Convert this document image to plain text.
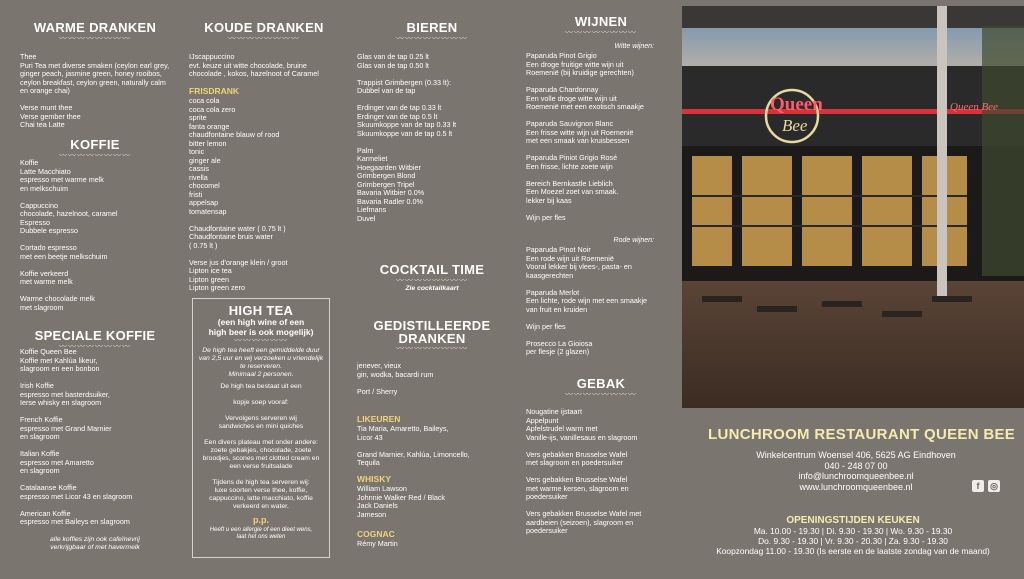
WARME DRANKEN
〰〰〰〰〰〰〰〰
Thee
Puri Tea met diverse smaken (ceylon earl grey, ginger peach, jasmine green, honey rooibos, ceylon breakfast, ceylon green, naturally calm en orange chai)

Verse munt thee
Verse gember thee
Chai tea Latte
KOFFIE
〰〰〰〰〰〰〰〰
Koffie
Latte Macchiato
espresso met warme melk
en melkschuim

Cappuccino
chocolade, hazelnoot, caramel
Espresso
Dubbele espresso

Cortado espresso
met een beetje melkschuim

Koffie verkeerd
met warme melk

Warme chocolade melk
met slagroom
SPECIALE KOFFIE
〰〰〰〰〰〰〰〰
Koffie Queen Bee
Koffie met Kahlúa likeur,
slagroom en een bonbon

Irish Koffie
espresso met basterdsuiker,
Ierse whisky en slagroom

French Koffie
espresso met Grand Marnier
en slagroom

Italian Koffie
espresso met Amaretto
en slagroom

Catalaanse Koffie
espresso met Licor 43 en slagroom

American Koffie
espresso met Baileys en slagroom
alle koffies zijn ook cafeïnevrij
verkrijgbaar of met havermelk
KOUDE DRANKEN
〰〰〰〰〰〰〰〰
IJscappuccino
evt. keuze uit witte chocolade, bruine chocolade , kokos, hazelnoot of Caramel

FRISDRANK

coca cola
coca cola zero
sprite
fanta orange
chaudfontaine blauw of rood
bitter lemon
tonic
ginger ale
cassis
rivella
chocomel
fristi
appelsap
tomatensap

Chaudfontaine water ( 0.75 lt )
Chaudfontaine bruis water
( 0.75 lt )

Verse jus d'orange klein / groot
Lipton ice tea
Lipton green
Lipton green zero
HIGH TEA
(een high wine of een
high beer is ook mogelijk)
〰〰〰〰〰〰
De high tea heeft een gemiddelde duur
van 2,5 uur en wij verzoeken u vriendelijk
te reserveren.
Minimaal 2 personen.
De high tea bestaat uit een

kopje soep vooraf:

Vervolgens serveren wij
sandwiches en mini quiches

Een divers plateau met onder andere:
zoete gebakjes, chocolade, zoete broodjes, scones met clotted cream en een verse fruitsalade

Tijdens de high tea serveren wij:
luxe soorten verse thee, koffie, cappuccino, latte macchiato, koffie verkeerd en water.
p.p.
Heeft u een allergie of een dieet wens,
laat het ons weten
BIEREN
〰〰〰〰〰〰〰〰
Glas van de tap 0.25 lt
Glas van de tap 0.50 lt

Trappist Grimbergen (0.33 lt):
Dubbel van de tap

Erdinger van de tap 0.33 lt
Erdinger van de tap 0.5 lt
Skuumkoppe van de tap 0.33 lt
Skuumkoppe van de tap 0.5 lt

Palm
Karmeliet
Hoegaarden Witbier
Grimbergen Blond
Grimbergen Tripel
Bavaria Witbier 0.0%
Bavaria Radler 0.0%
Liefmans
Duvel
COCKTAIL TIME
〰〰〰〰〰〰〰〰
Zie cocktailkaart
GEDISTILLEERDE
DRANKEN
〰〰〰〰〰〰〰〰
jenever, vieux
gin, wodka, bacardi rum

Port / Sherry

LIKEUREN

Tia Maria, Amaretto, Baileys,
Licor 43

Grand Marnier, Kahlúa, Limoncello,
Tequila

WHISKY

William Lawson
Johnnie Walker Red / Black
Jack Daniels
Jameson

COGNAC

Rémy Martin
WIJNEN
〰〰〰〰〰〰〰〰
Witte wijnen:
Paparuda Pinot Grigio
Een droge fruitige witte wijn uit
Roemenië (bij kruidige gerechten)

Paparuda Chardonnay
Een volle droge witte wijn uit
Roemenië met een exotisch smaakje

Paparuda Sauvignon Blanc
Een frisse witte wijn uit Roemenië
met een smaak van kruisbessen

Paparuda Piniot Grigio Rosé
Een frisse, lichte zoete wijn

Bereich Bernkastle Lieblich
Een Moezel zoet van smaak.
lekker bij kaas

Wijn per fles
Rode wijnen:
Paparuda Pinot Noir
Een rode wijn uit Roemenië
Vooral lekker bij vlees-, pasta- en
kaasgerechten

Paparuda Merlot
Een lichte, rode wijn met een smaakje
van fruit en kruiden

Wijn per fles

Prosecco La Gioiosa
per flesje (2 glazen)
GEBAK
〰〰〰〰〰〰〰〰
Nougatine ijstaart
Appelpunt
Apfelstrudel warm met
Vanille-ijs, vanillesaus en slagroom

Vers gebakken Brusselse Wafel
met slagroom en poedersuiker

Vers gebakken Brusselse Wafel
met warme kersen, slagroom en
poedersuiker

Vers gebakken Brusselse Wafel met
aardbeien (seizoen), slagroom en
poedersuiker
Queen
Bee
Queen Bee
LUNCHROOM RESTAURANT QUEEN BEE
Winkelcentrum Woensel 406, 5625 AG Eindhoven
040 - 248 07 00
info@lunchroomqueenbee.nl
www.lunchroomqueenbee.nl	f	◎
OPENINGSTIJDEN KEUKEN
Ma. 10.00 - 19.30 | Di. 9.30 - 19.30 | Wo. 9.30 - 19.30
Do. 9.30 - 19.30 | Vr. 9.30 - 20.30 | Za. 9.30 - 19.30
Koopzondag 11.00 - 19.30 (Is eerste en de laatste zondag van de maand)
